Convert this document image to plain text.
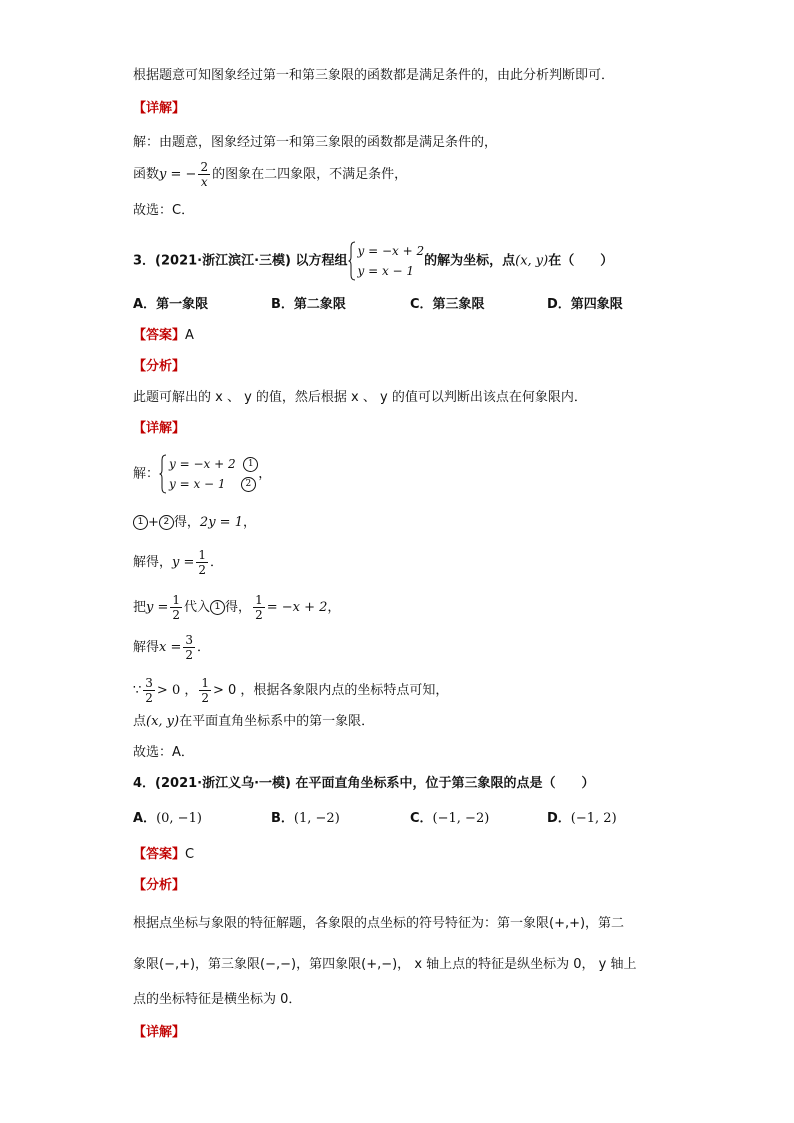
根据题意可知图象经过第一和第三象限的函数都是满足条件的，由此分析判断即可．
【详解】
解：由题意，图象经过第一和第三象限的函数都是满足条件的，
函数y = − $\frac{2}{x}$ 的图象在二四象限，不满足条件，
故选：C．
3．(2021·浙江滨江·三模) 以方程组
y = −x + 2
y = x − 1
的解为坐标，点(x, y)在（　　）
A．第一象限	B．第二象限	C．第三象限	D．第四象限
【答案】A
【分析】
此题可解出的 x 、 y 的值，然后根据 x 、 y 的值可以判断出该点在何象限内．
【详解】
解：
y = −x + 2 1
y = x − 1 2
，
1 + 2 得，2y = 1，
解得，$y = \frac{1}{2}$ ．
把$y = \frac{1}{2}$ 代入 1 得， $\frac{1}{2} = -x + 2$，
解得$x = \frac{3}{2}$ ．
∵ $\frac{3}{2} > 0$ ， $\frac{1}{2} > 0$ ，根据各象限内点的坐标特点可知，
点(x, y)在平面直角坐标系中的第一象限．
故选：A．
4．(2021·浙江义乌·一模) 在平面直角坐标系中，位于第三象限的点是（　　）
A．(0, −1)	B．(1, −2)	C．(−1, −2)	D．(−1, 2)
【答案】C
【分析】
根据点坐标与象限的特征解题，各象限的点坐标的符号特征为：第一象限(+,+)，第二
象限(−,+)，第三象限(−,−)，第四象限(+,−)， x 轴上点的特征是纵坐标为 0， y 轴上
点的坐标特征是横坐标为 0．
【详解】
